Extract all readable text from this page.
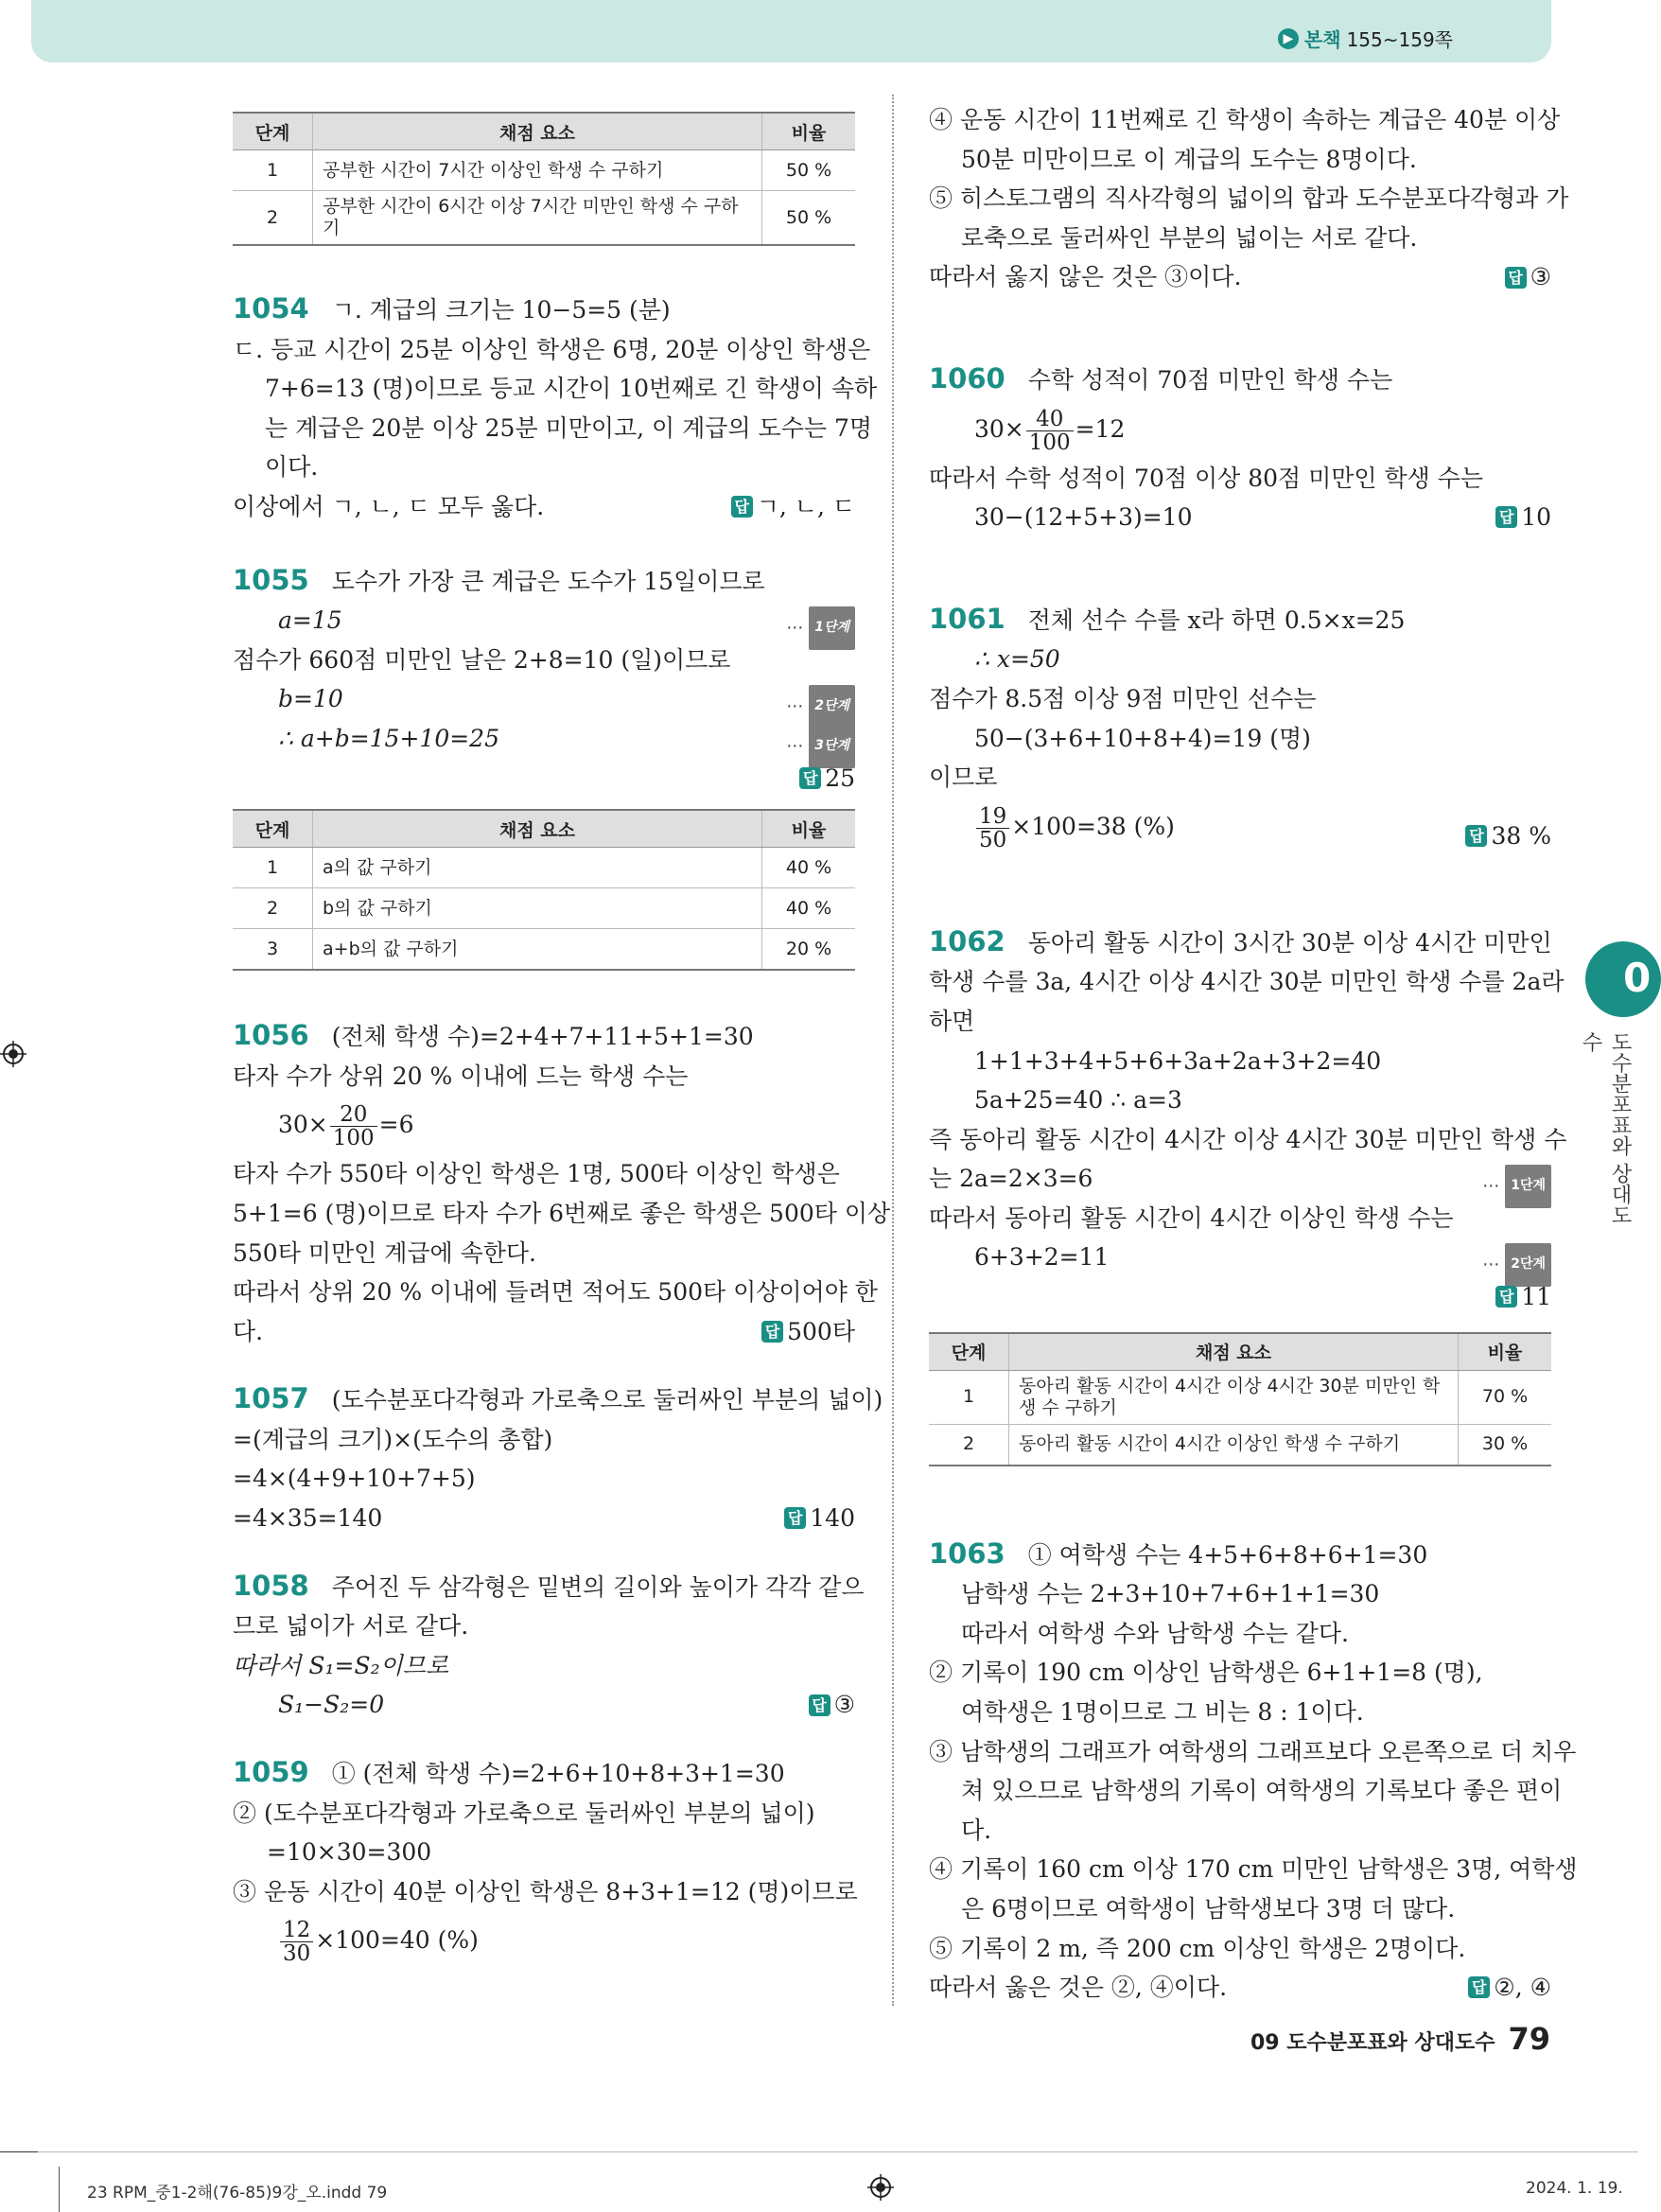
▶ 본책 155~159쪽
단계	채점 요소	비율
1	공부한 시간이 7시간 이상인 학생 수 구하기	50 %
2	공부한 시간이 6시간 이상 7시간 미만인 학생 수 구하기	50 %
1054 ㄱ. 계급의 크기는 10−5=5 (분)
ㄷ. 등교 시간이 25분 이상인 학생은 6명, 20분 이상인 학생은
7+6=13 (명)이므로 등교 시간이 10번째로 긴 학생이 속하
는 계급은 20분 이상 25분 미만이고, 이 계급의 도수는 7명
이다.
이상에서 ㄱ, ㄴ, ㄷ 모두 옳다.	답 ㄱ, ㄴ, ㄷ
1055 도수가 가장 큰 계급은 도수가 15일이므로
a=15	⋯ 1단계
점수가 660점 미만인 날은 2+8=10 (일)이므로
b=10	⋯ 2단계
∴ a+b=15+10=25	⋯ 3단계

답 25
단계	채점 요소	비율
1	a의 값 구하기	40 %
2	b의 값 구하기	40 %
3	a+b의 값 구하기	20 %
1056 (전체 학생 수)=2+4+7+11+5+1=30
타자 수가 상위 20 % 이내에 드는 학생 수는
$30\times \frac{20}{100} =6$
타자 수가 550타 이상인 학생은 1명, 500타 이상인 학생은
5+1=6 (명)이므로 타자 수가 6번째로 좋은 학생은 500타 이상
550타 미만인 계급에 속한다.
따라서 상위 20 % 이내에 들려면 적어도 500타 이상이어야 한
다.	답 500타
1057 (도수분포다각형과 가로축으로 둘러싸인 부분의 넓이)
=(계급의 크기)×(도수의 총합)
=4×(4+9+10+7+5)
=4×35=140	답 140
1058 주어진 두 삼각형은 밑변의 길이와 높이가 각각 같으
므로 넓이가 서로 같다.
따라서 S₁=S₂이므로
S₁−S₂=0	답 ③
1059 ① (전체 학생 수)=2+6+10+8+3+1=30
② (도수분포다각형과 가로축으로 둘러싸인 부분의 넓이)
=10×30=300
③ 운동 시간이 40분 이상인 학생은 8+3+1=12 (명)이므로
$\frac{12}{30} \times 100=40$ (%)
④ 운동 시간이 11번째로 긴 학생이 속하는 계급은 40분 이상
50분 미만이므로 이 계급의 도수는 8명이다.
⑤ 히스토그램의 직사각형의 넓이의 합과 도수분포다각형과 가
로축으로 둘러싸인 부분의 넓이는 서로 같다.
따라서 옳지 않은 것은 ③이다.	답 ③
1060 수학 성적이 70점 미만인 학생 수는
$30\times \frac{40}{100} =12$
따라서 수학 성적이 70점 이상 80점 미만인 학생 수는
30−(12+5+3)=10	답 10
1061 전체 선수 수를 x라 하면 0.5×x=25
∴ x=50
점수가 8.5점 이상 9점 미만인 선수는
50−(3+6+10+8+4)=19 (명)
이므로
$\frac{19}{50} \times 100=38$ (%)	답 38 %
1062 동아리 활동 시간이 3시간 30분 이상 4시간 미만인
학생 수를 3a, 4시간 이상 4시간 30분 미만인 학생 수를 2a라
하면
1+1+3+4+5+6+3a+2a+3+2=40
5a+25=40 ∴ a=3
즉 동아리 활동 시간이 4시간 이상 4시간 30분 미만인 학생 수
는 2a=2×3=6	⋯ 1단계
따라서 동아리 활동 시간이 4시간 이상인 학생 수는
6+3+2=11	⋯ 2단계

답 11
단계	채점 요소	비율
1	동아리 활동 시간이 4시간 이상 4시간 30분 미만인 학생 수 구하기	70 %
2	동아리 활동 시간이 4시간 이상인 학생 수 구하기	30 %
1063 ① 여학생 수는 4+5+6+8+6+1=30
남학생 수는 2+3+10+7+6+1+1=30
따라서 여학생 수와 남학생 수는 같다.
② 기록이 190 cm 이상인 남학생은 6+1+1=8 (명),
여학생은 1명이므로 그 비는 8 : 1이다.
③ 남학생의 그래프가 여학생의 그래프보다 오른쪽으로 더 치우
쳐 있으므로 남학생의 기록이 여학생의 기록보다 좋은 편이
다.
④ 기록이 160 cm 이상 170 cm 미만인 남학생은 3명, 여학생
은 6명이므로 여학생이 남학생보다 3명 더 많다.
⑤ 기록이 2 m, 즉 200 cm 이상인 학생은 2명이다.
따라서 옳은 것은 ②, ④이다.	답 ②, ④
09 도수분포표와 상대도수 79
0
도수분포표와 상대도수
23 RPM_중1-2해(76-85)9강_오.indd 79	2024. 1. 19.
